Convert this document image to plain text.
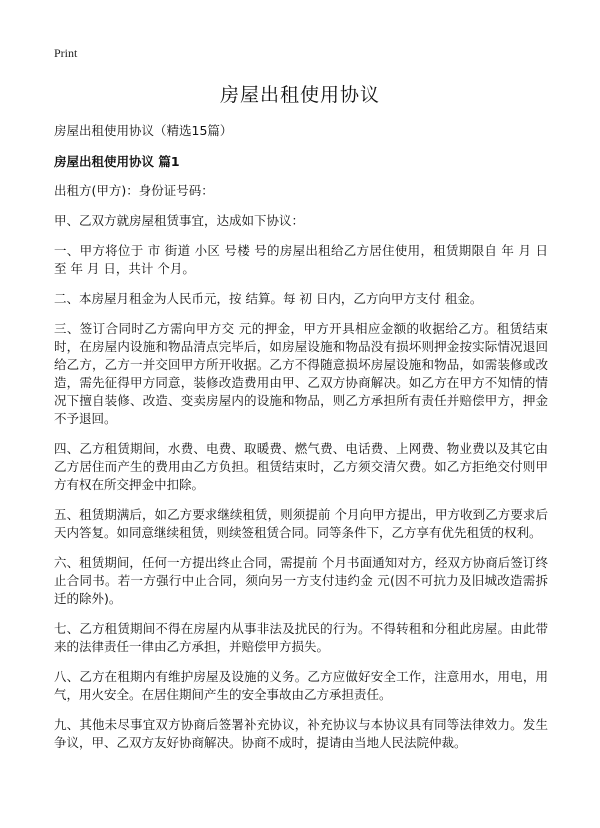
Print
房屋出租使用协议
房屋出租使用协议（精选15篇）
房屋出租使用协议 篇1

出租方(甲方)：身份证号码：

甲、乙双方就房屋租赁事宜，达成如下协议：

一、甲方将位于 市 街道 小区 号楼 号的房屋出租给乙方居住使用，租赁期限自 年 月 日至 年 月 日，共计 个月。

二、本房屋月租金为人民币元，按 结算。每 初 日内，乙方向甲方支付 租金。

三、签订合同时乙方需向甲方交 元的押金，甲方开具相应金额的收据给乙方。租赁结束时，在房屋内设施和物品清点完毕后，如房屋设施和物品没有损坏则押金按实际情况退回给乙方，乙方一并交回甲方所开收据。乙方不得随意损坏房屋设施和物品，如需装修或改造，需先征得甲方同意，装修改造费用由甲、乙双方协商解决。如乙方在甲方不知情的情况下擅自装修、改造、变卖房屋内的设施和物品，则乙方承担所有责任并赔偿甲方，押金不予退回。

四、乙方租赁期间，水费、电费、取暖费、燃气费、电话费、上网费、物业费以及其它由乙方居住而产生的费用由乙方负担。租赁结束时，乙方须交清欠费。如乙方拒绝交付则甲方有权在所交押金中扣除。

五、租赁期满后，如乙方要求继续租赁，则须提前 个月向甲方提出，甲方收到乙方要求后 天内答复。如同意继续租赁，则续签租赁合同。同等条件下，乙方享有优先租赁的权利。

六、租赁期间，任何一方提出终止合同，需提前 个月书面通知对方，经双方协商后签订终止合同书。若一方强行中止合同，须向另一方支付违约金 元(因不可抗力及旧城改造需拆迁的除外)。

七、乙方租赁期间不得在房屋内从事非法及扰民的行为。不得转租和分租此房屋。由此带来的法律责任一律由乙方承担，并赔偿甲方损失。

八、乙方在租期内有维护房屋及设施的义务。乙方应做好安全工作，注意用水，用电，用气，用火安全。在居住期间产生的安全事故由乙方承担责任。

九、其他未尽事宜双方协商后签署补充协议，补充协议与本协议具有同等法律效力。发生争议，甲、乙双方友好协商解决。协商不成时，提请由当地人民法院仲裁。
